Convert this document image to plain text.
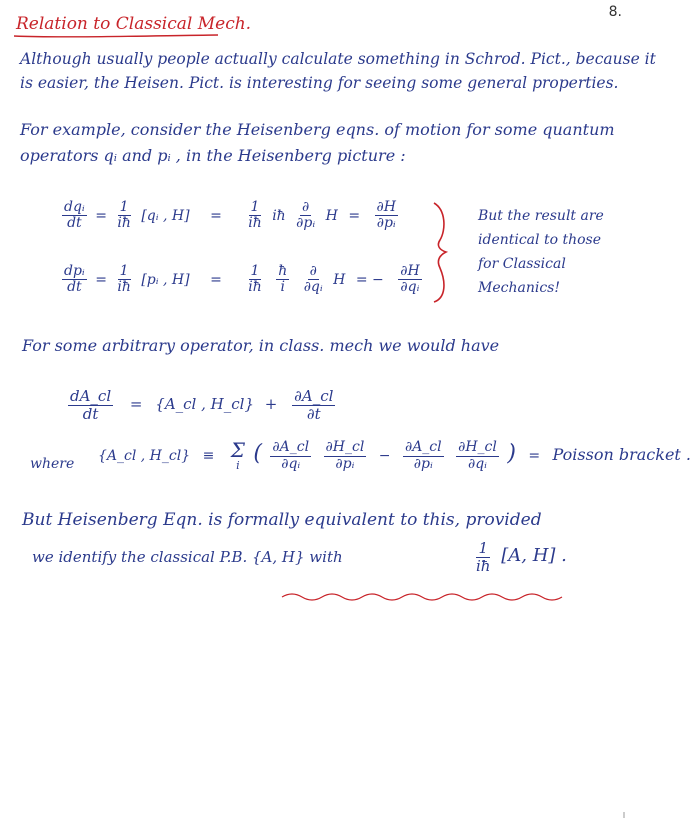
8.
Relation to Classical Mech.
Although usually people actually calculate something in Schrod. Pict., because it
is easier, the Heisen. Pict. is interesting for seeing some general properties.
For example, consider the Heisenberg eqns. of motion for some quantum
operators qᵢ and pᵢ , in the Heisenberg picture :
$\frac{\text{dqᵢ}}{dt} = \frac{1}{iħ}$ [qᵢ , $H] = \frac{1}{iħ}$ iħ $\frac{\partial}{\text{∂pᵢ}}$ $H = \frac{\partial H}{\text{∂pᵢ}}$
$\frac{\text{dpᵢ}}{dt} = \frac{1}{iħ}$ [pᵢ , $H] = \frac{1}{iħ}$
$\frac{ħ}{i}$
$\frac{\partial}{\text{∂qᵢ}}$ H = − $\frac{\partial H}{\text{∂qᵢ}}$
But the result are
identical to those
for Classical
Mechanics!
For some arbitrary operator, in class. mech we would have
$\frac{dA\_cl}{dt}$ = {A_cl , H_cl} + $\frac{\partial A\_cl}{\partial t}$
where {A_cl , H_cl} ≡ Σ
i ( $\frac{\partial A\_cl}{\text{∂qᵢ}}$
$\frac{\partial H\_cl}{\text{∂pᵢ}} - \frac{\partial A\_cl}{\text{∂pᵢ}}$
$\frac{\partial H\_cl}{\text{∂qᵢ}}$ ) = Poisson bracket .
But Heisenberg Eqn. is formally equivalent to this, provided
we identify the classical P.B. {A, H} with	$\frac{1}{iħ} [A$, H] .
